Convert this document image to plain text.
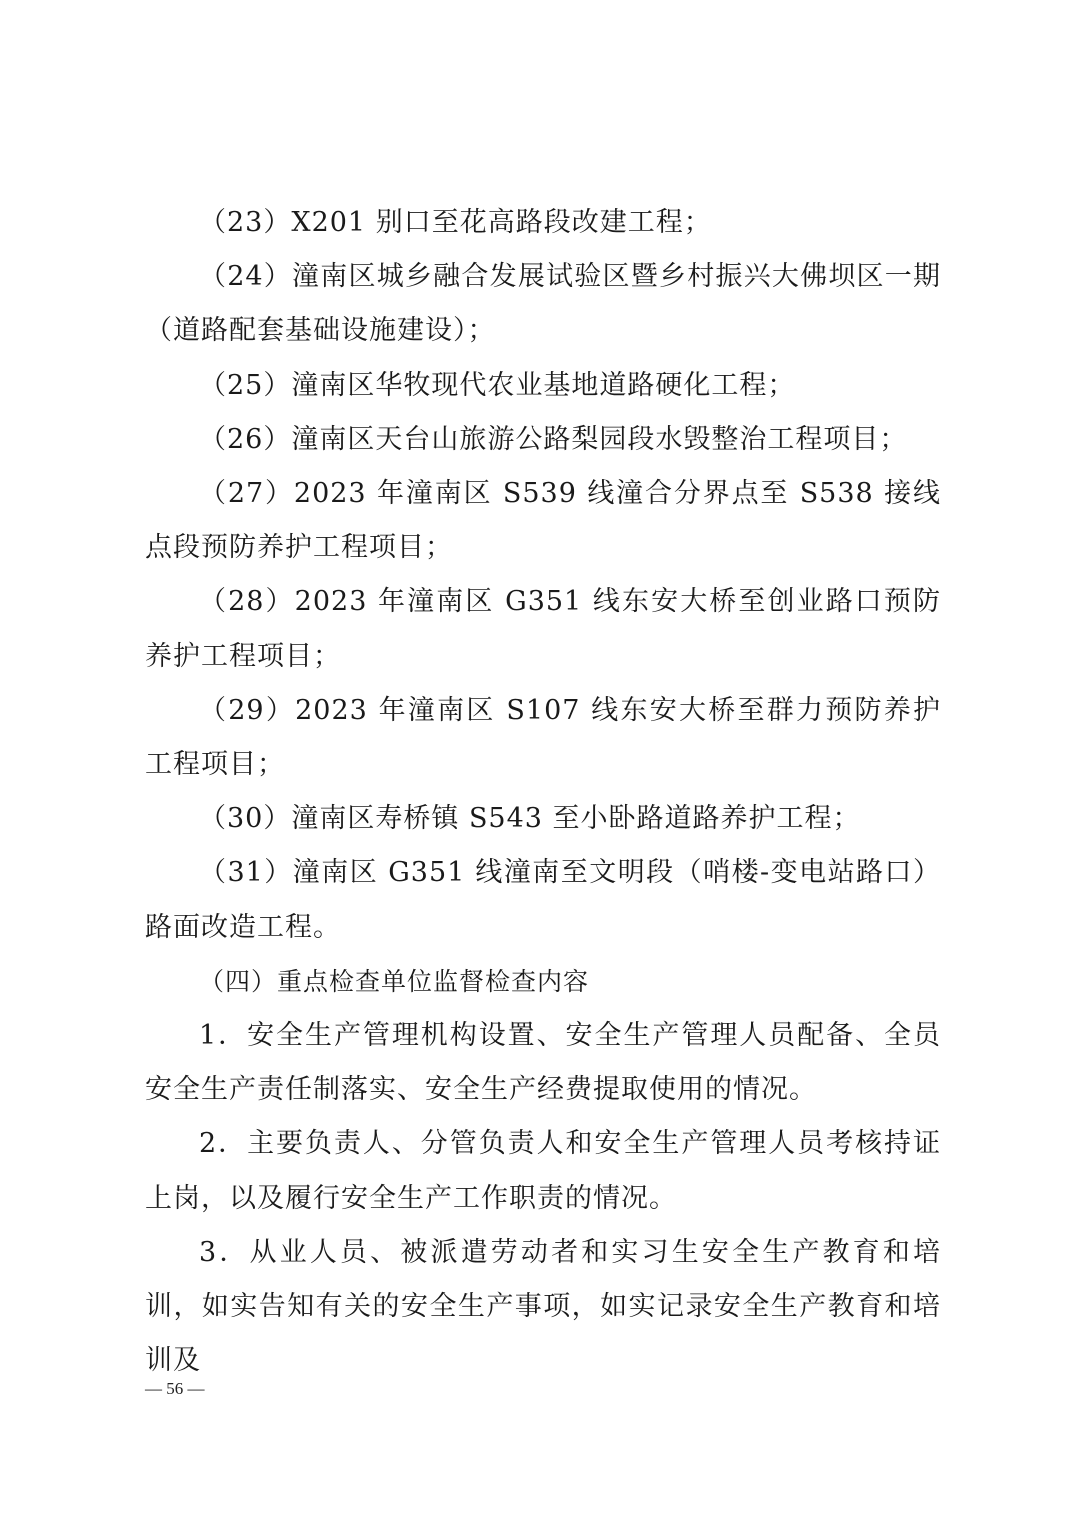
（23）X201 别口至花高路段改建工程；

（24）潼南区城乡融合发展试验区暨乡村振兴大佛坝区一期（道路配套基础设施建设）；

（25）潼南区华牧现代农业基地道路硬化工程；

（26）潼南区天台山旅游公路梨园段水毁整治工程项目；

（27）2023 年潼南区 S539 线潼合分界点至 S538 接线点段预防养护工程项目；

（28）2023 年潼南区 G351 线东安大桥至创业路口预防养护工程项目；

（29）2023 年潼南区 S107 线东安大桥至群力预防养护工程项目；

（30）潼南区寿桥镇 S543 至小卧路道路养护工程；

（31）潼南区 G351 线潼南至文明段（哨楼-变电站路口）路面改造工程。

（四）重点检查单位监督检查内容

1．安全生产管理机构设置、安全生产管理人员配备、全员安全生产责任制落实、安全生产经费提取使用的情况。

2．主要负责人、分管负责人和安全生产管理人员考核持证上岗，以及履行安全生产工作职责的情况。

3．从业人员、被派遣劳动者和实习生安全生产教育和培训，如实告知有关的安全生产事项，如实记录安全生产教育和培训及

— 56 —
